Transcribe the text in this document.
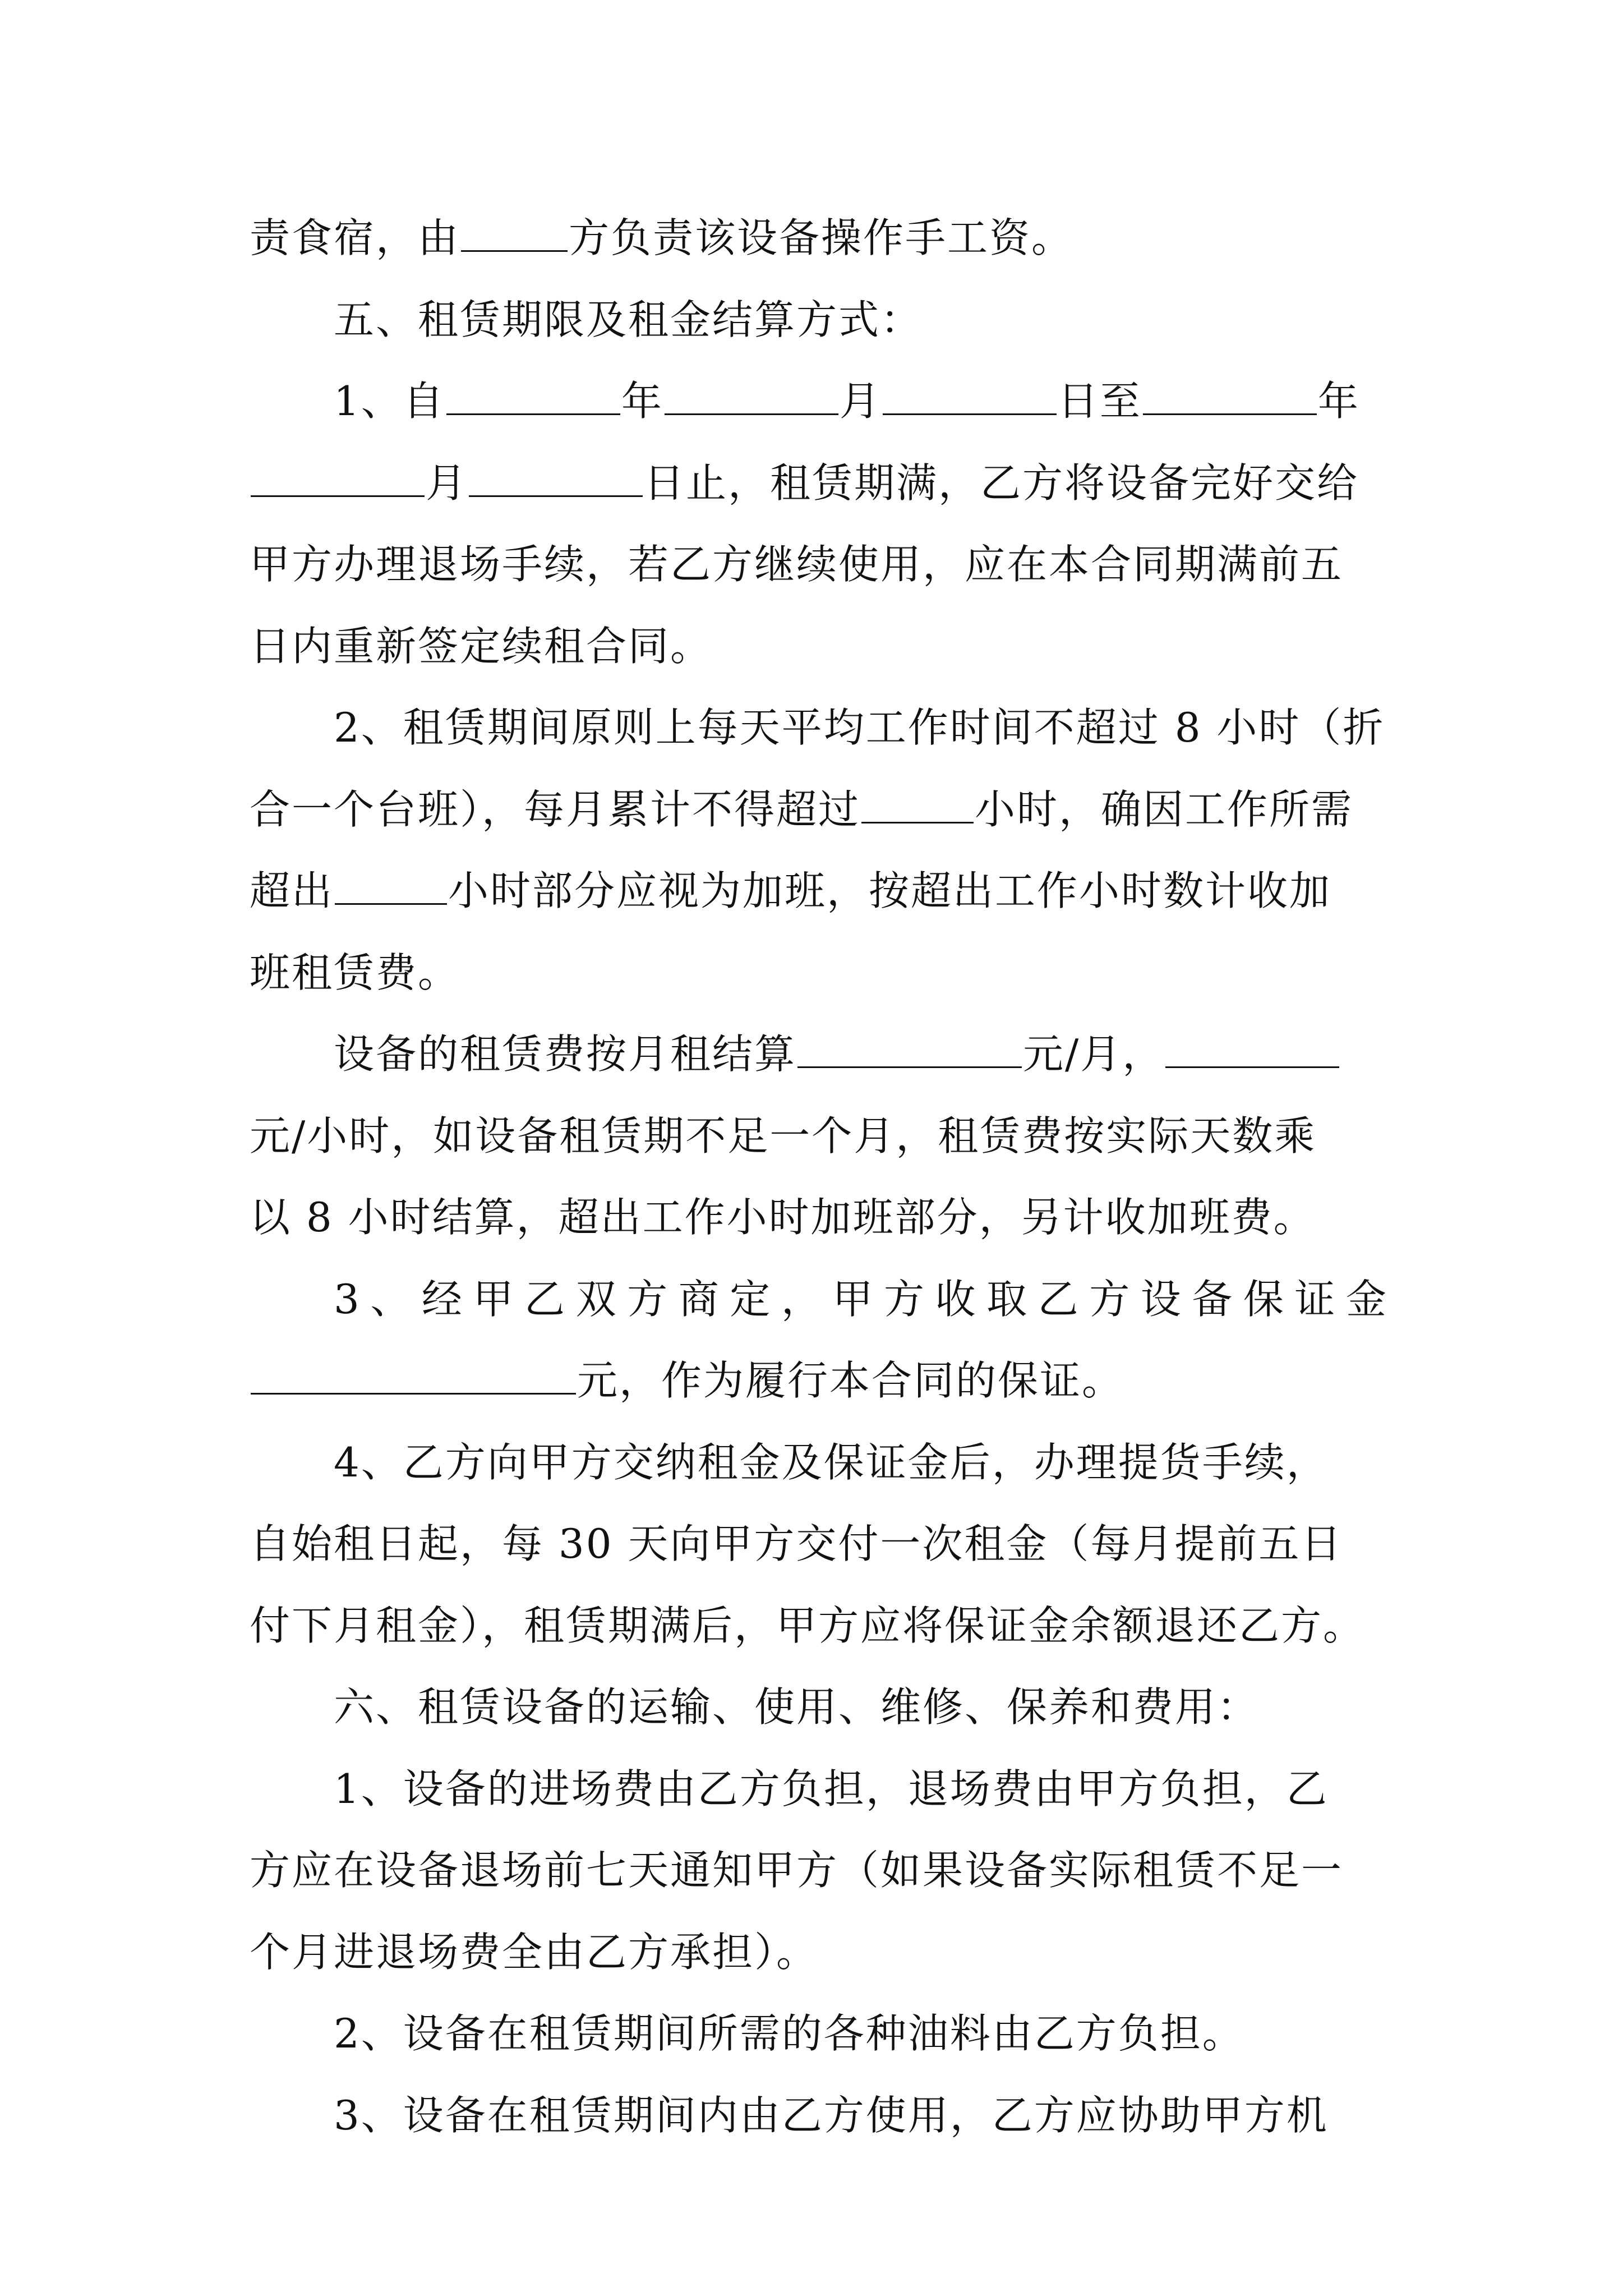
责食宿，由	方负责该设备操作手工资。
五、租赁期限及租金结算方式：
1、自	年	月	日至	年
月	日止，租赁期满，乙方将设备完好交给
甲方办理退场手续，若乙方继续使用，应在本合同期满前五
日内重新签定续租合同。
2、租赁期间原则上每天平均工作时间不超过 8 小时（折
合一个台班），每月累计不得超过	小时，确因工作所需
超出	小时部分应视为加班，按超出工作小时数计收加
班租赁费。
设备的租赁费按月租结算	元/月，
元/小时，如设备租赁期不足一个月，租赁费按实际天数乘
以 8 小时结算，超出工作小时加班部分，另计收加班费。
3、经甲乙双方商定，甲方收取乙方设备保证金
元，作为履行本合同的保证。
4、乙方向甲方交纳租金及保证金后，办理提货手续，
自始租日起，每 30 天向甲方交付一次租金（每月提前五日
付下月租金），租赁期满后，甲方应将保证金余额退还乙方。
六、租赁设备的运输、使用、维修、保养和费用：
1、设备的进场费由乙方负担，退场费由甲方负担，乙
方应在设备退场前七天通知甲方（如果设备实际租赁不足一
个月进退场费全由乙方承担）。
2、设备在租赁期间所需的各种油料由乙方负担。
3、设备在租赁期间内由乙方使用，乙方应协助甲方机
